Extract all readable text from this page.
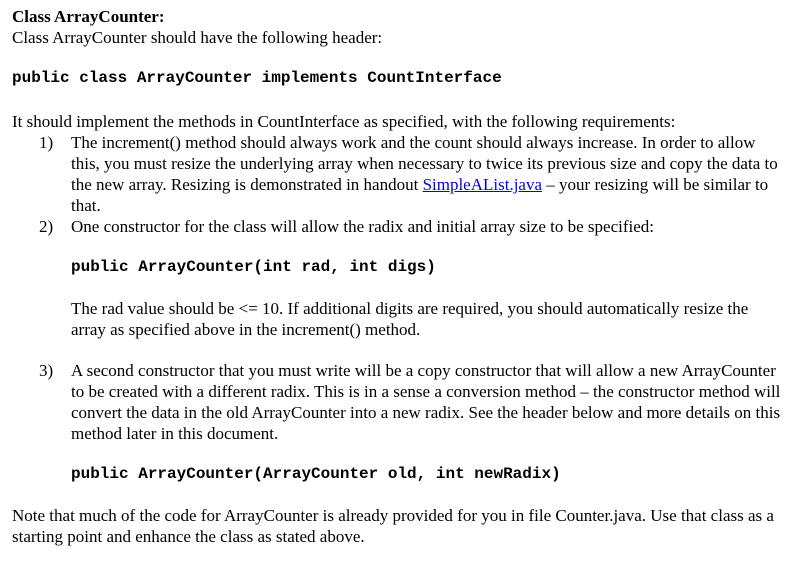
Class ArrayCounter:

Class ArrayCounter should have the following header:

public class ArrayCounter implements CountInterface

It should implement the methods in CountInterface as specified, with the following requirements:

1) The increment() method should always work and the count should always increase. In order to allow this, you must resize the underlying array when necessary to twice its previous size and copy the data to the new array. Resizing is demonstrated in handout SimpleAList.java – your resizing will be similar to that.
2) One constructor for the class will allow the radix and initial array size to be specified:

public ArrayCounter(int rad, int digs)

The rad value should be <= 10. If additional digits are required, you should automatically resize the array as specified above in the increment() method.

3) A second constructor that you must write will be a copy constructor that will allow a new ArrayCounter to be created with a different radix. This is in a sense a conversion method – the constructor method will convert the data in the old ArrayCounter into a new radix. See the header below and more details on this method later in this document.

public ArrayCounter(ArrayCounter old, int newRadix)

Note that much of the code for ArrayCounter is already provided for you in file Counter.java. Use that class as a starting point and enhance the class as stated above.
